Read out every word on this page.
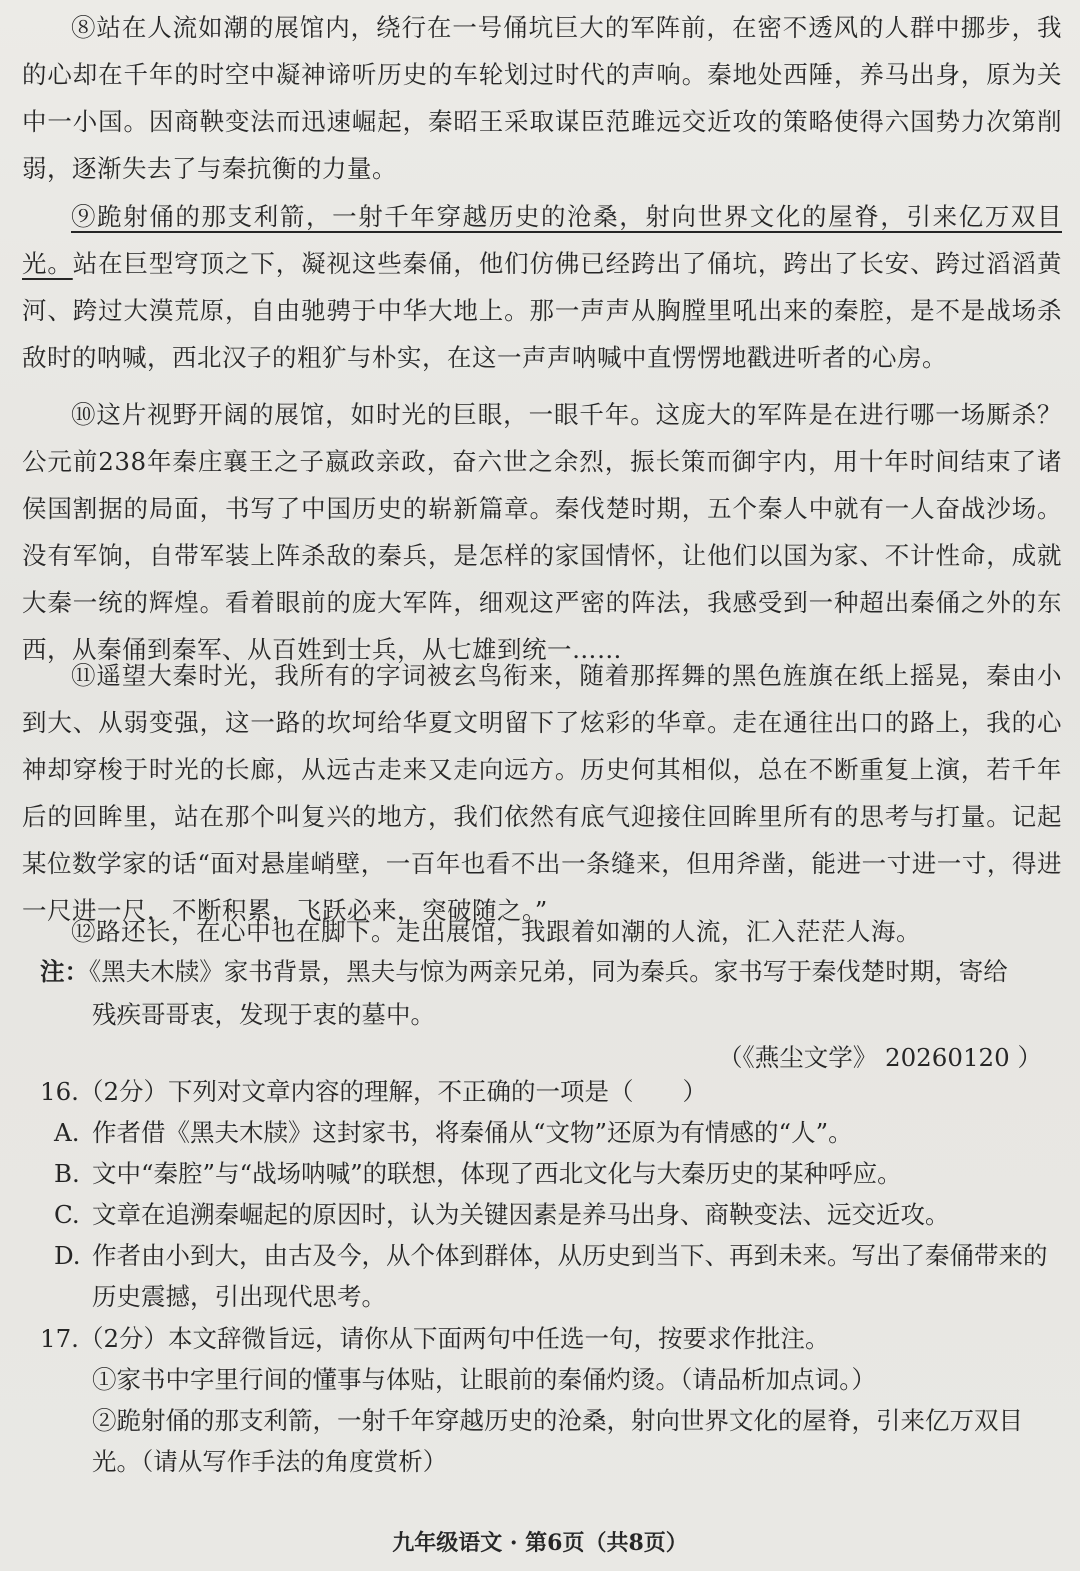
⑧站在人流如潮的展馆内，绕行在一号俑坑巨大的军阵前，在密不透风的人群中挪步，我的心却在千年的时空中凝神谛听历史的车轮划过时代的声响。秦地处西陲，养马出身，原为关中一小国。因商鞅变法而迅速崛起，秦昭王采取谋臣范雎远交近攻的策略使得六国势力次第削弱，逐渐失去了与秦抗衡的力量。
⑨跪射俑的那支利箭，一射千年穿越历史的沧桑，射向世界文化的屋脊，引来亿万双目光。站在巨型穹顶之下，凝视这些秦俑，他们仿佛已经跨出了俑坑，跨出了长安、跨过滔滔黄河、跨过大漠荒原，自由驰骋于中华大地上。那一声声从胸膛里吼出来的秦腔，是不是战场杀敌时的呐喊，西北汉子的粗犷与朴实，在这一声声呐喊中直愣愣地戳进听者的心房。
⑩这片视野开阔的展馆，如时光的巨眼，一眼千年。这庞大的军阵是在进行哪一场厮杀？公元前238年秦庄襄王之子嬴政亲政，奋六世之余烈，振长策而御宇内，用十年时间结束了诸侯国割据的局面，书写了中国历史的崭新篇章。秦伐楚时期，五个秦人中就有一人奋战沙场。没有军饷，自带军装上阵杀敌的秦兵，是怎样的家国情怀，让他们以国为家、不计性命，成就大秦一统的辉煌。看着眼前的庞大军阵，细观这严密的阵法，我感受到一种超出秦俑之外的东西，从秦俑到秦军、从百姓到士兵，从七雄到统一……
⑪遥望大秦时光，我所有的字词被玄鸟衔来，随着那挥舞的黑色旌旗在纸上摇晃，秦由小到大、从弱变强，这一路的坎坷给华夏文明留下了炫彩的华章。走在通往出口的路上，我的心神却穿梭于时光的长廊，从远古走来又走向远方。历史何其相似，总在不断重复上演，若千年后的回眸里，站在那个叫复兴的地方，我们依然有底气迎接住回眸里所有的思考与打量。记起某位数学家的话“面对悬崖峭壁，一百年也看不出一条缝来，但用斧凿，能进一寸进一寸，得进一尺进一尺，不断积累，飞跃必来，突破随之。”
⑫路还长，在心中也在脚下。走出展馆，我跟着如潮的人流，汇入茫茫人海。
注：《黑夫木牍》家书背景，黑夫与惊为两亲兄弟，同为秦兵。家书写于秦伐楚时期，寄给
残疾哥哥衷，发现于衷的墓中。
（《燕尘文学》 20260120 ）
16.（2分）下列对文章内容的理解，不正确的一项是（　　）
A. 作者借《黑夫木牍》这封家书，将秦俑从“文物”还原为有情感的“人”。
B. 文中“秦腔”与“战场呐喊”的联想，体现了西北文化与大秦历史的某种呼应。
C. 文章在追溯秦崛起的原因时，认为关键因素是养马出身、商鞅变法、远交近攻。
D. 作者由小到大，由古及今，从个体到群体，从历史到当下、再到未来。写出了秦俑带来的历史震撼，引出现代思考。
17.（2分）本文辞微旨远，请你从下面两句中任选一句，按要求作批注。
①家书中字里行间的懂事与体贴，让眼前的秦俑灼烫。（请品析加点词。）
②跪射俑的那支利箭，一射千年穿越历史的沧桑，射向世界文化的屋脊，引来亿万双目光。（请从写作手法的角度赏析）
九年级语文 · 第6页（共8页）
